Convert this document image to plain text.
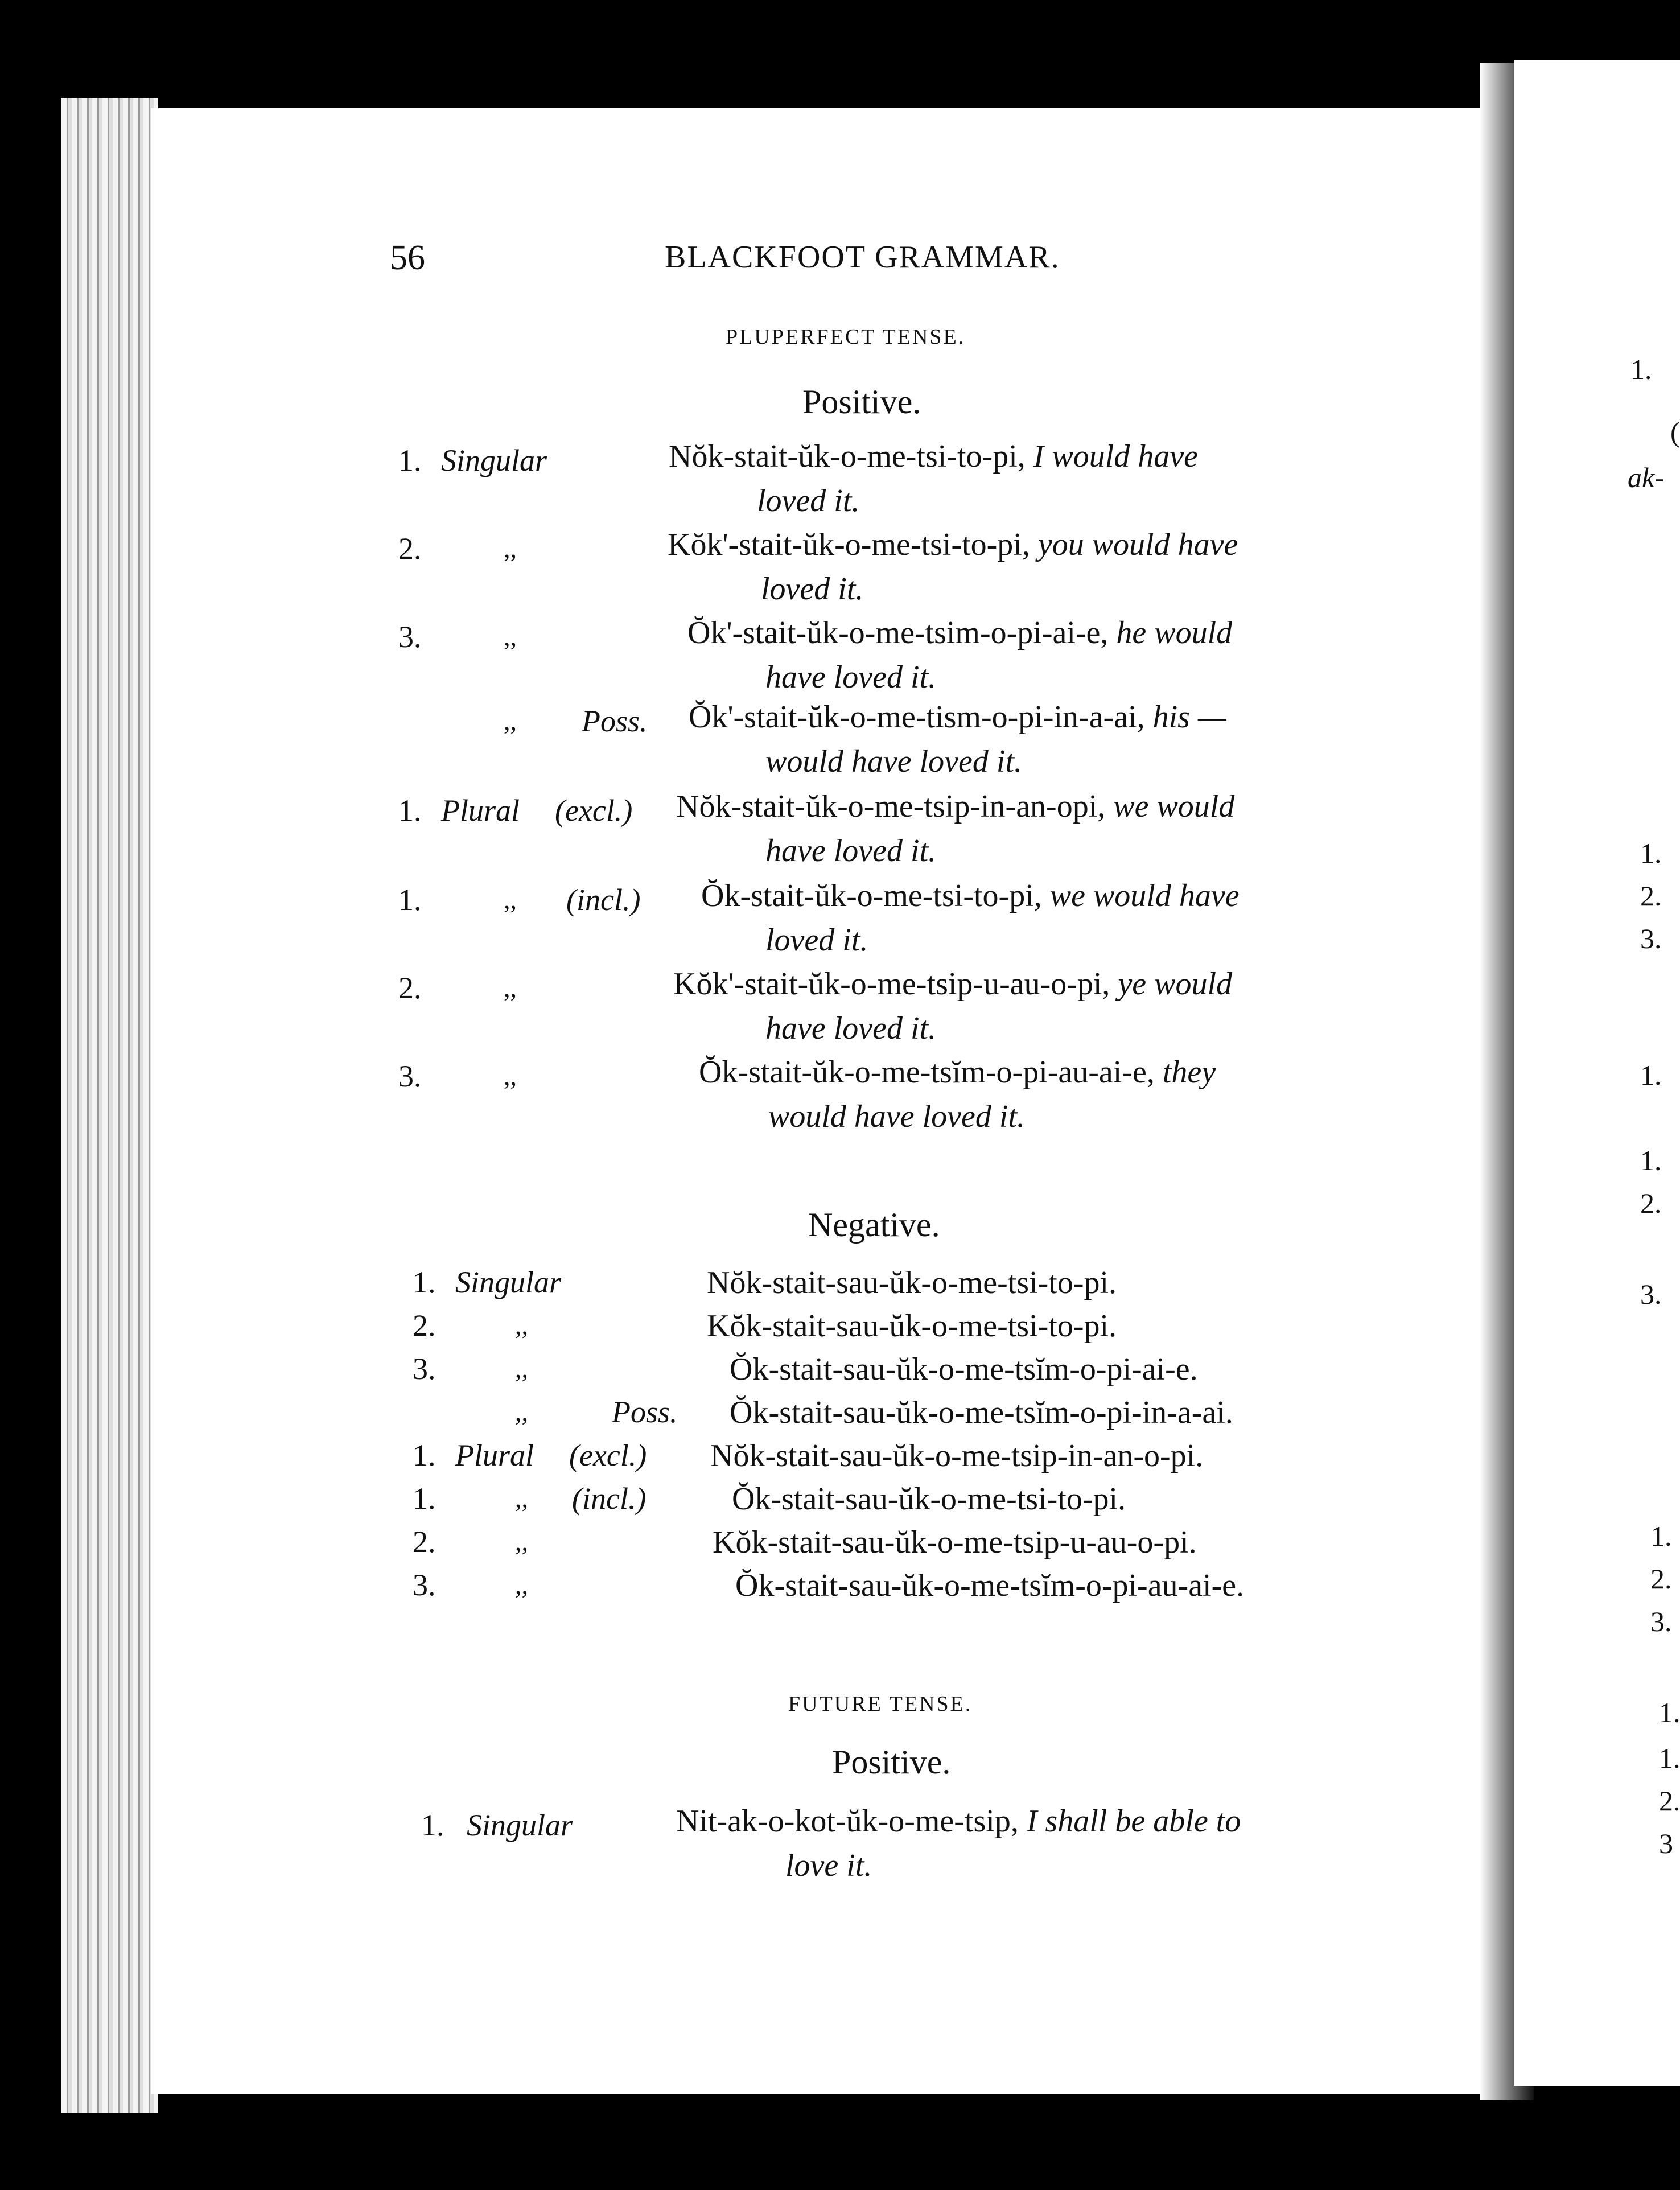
56	BLACKFOOT GRAMMAR.
PLUPERFECT TENSE.
Positive.
1. Singular	Nŏk-stait-ŭk-o-me-tsi-to-pi, I would have
loved it.
2.	,,	Kŏk'-stait-ŭk-o-me-tsi-to-pi, you would have
loved it.
3.	,,	Ŏk'-stait-ŭk-o-me-tsim-o-pi-ai-e, he would
have loved it.
,, Poss. Ŏk'-stait-ŭk-o-me-tism-o-pi-in-a-ai, his —
would have loved it.
1. Plural (excl.) Nŏk-stait-ŭk-o-me-tsip-in-an-opi, we would
have loved it.
1.	,, (incl.) Ŏk-stait-ŭk-o-me-tsi-to-pi, we would have
loved it.
2.	,,	Kŏk'-stait-ŭk-o-me-tsip-u-au-o-pi, ye would
have loved it.
3.	,,	Ŏk-stait-ŭk-o-me-tsĭm-o-pi-au-ai-e, they
would have loved it.
Negative.
1. Singular	Nŏk-stait-sau-ŭk-o-me-tsi-to-pi.
2.	,,	Kŏk-stait-sau-ŭk-o-me-tsi-to-pi.
3.	,,	Ŏk-stait-sau-ŭk-o-me-tsĭm-o-pi-ai-e.
,,	Poss. Ŏk-stait-sau-ŭk-o-me-tsĭm-o-pi-in-a-ai.
1. Plural (excl.) Nŏk-stait-sau-ŭk-o-me-tsip-in-an-o-pi.
1.	,, (incl.)	Ŏk-stait-sau-ŭk-o-me-tsi-to-pi.
2.	,,	Kŏk-stait-sau-ŭk-o-me-tsip-u-au-o-pi.
3.	,,	Ŏk-stait-sau-ŭk-o-me-tsĭm-o-pi-au-ai-e.
FUTURE TENSE.
Positive.
1. Singular	Nit-ak-o-kot-ŭk-o-me-tsip, I shall be able to
love it.
1.
(
ak-
1.
2.
3.
1.
1.
2.
3.
1.
2.
3.
1.
1.
2.
3
